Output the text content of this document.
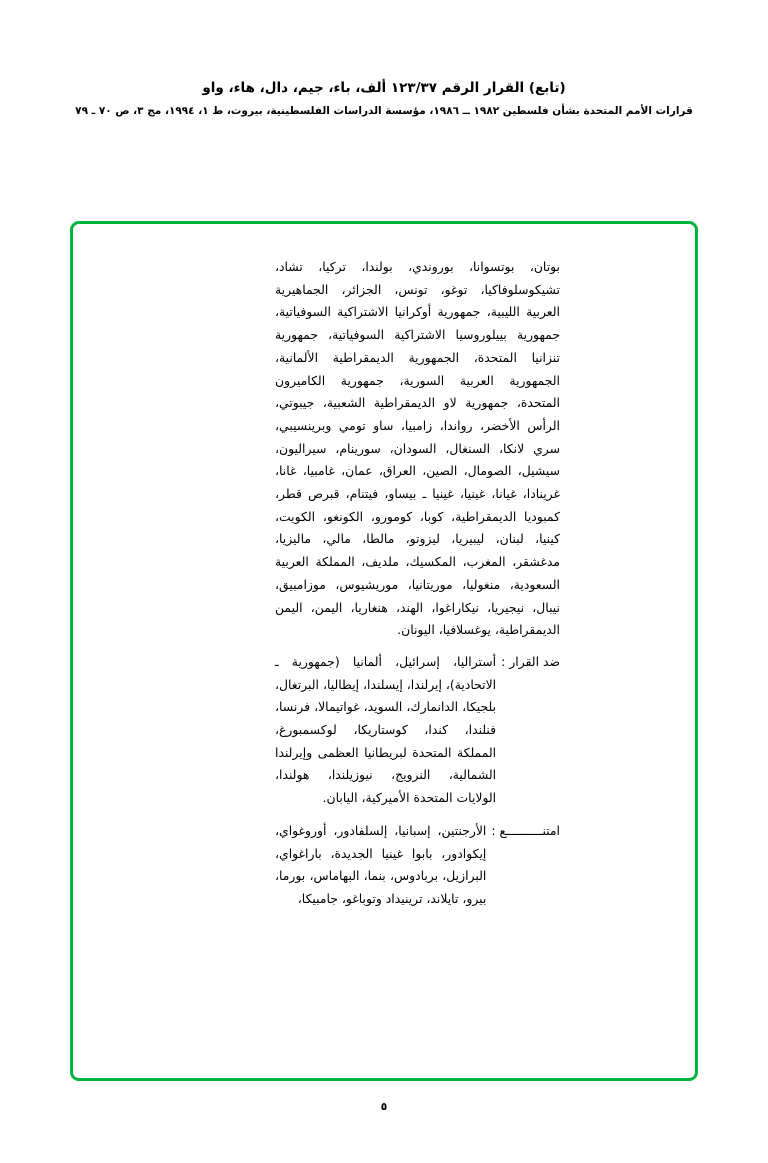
(تابع) القرار الرقم ١٢٣/٣٧ ألف، باء، جيم، دال، هاء، واو
قرارات الأمم المتحدة بشأن فلسطين ١٩٨٢ ــ ١٩٨٦، مؤسسة الدراسات الفلسطينية، بيروت، ط ١، ١٩٩٤، مج ٣، ص ٧٠ ـ ٧٩

بوتان، بوتسوانا، بوروندي، بولندا، تركيا، تشاد، تشيكوسلوفاكيا، توغو، تونس، الجزائر، الجماهيرية العربية الليبية، جمهورية أوكرانيا الاشتراكية السوفياتية، جمهورية بييلوروسيا الاشتراكية السوفياتية، جمهورية تنزانيا المتحدة، الجمهورية الديمقراطية الألمانية، الجمهورية العربية السورية، جمهورية الكاميرون المتحدة، جمهورية لاو الديمقراطية الشعبية، جيبوتي، الرأس الأخضر، رواندا، زامبيا، ساو تومي وبرينسيبي، سري لانكا، السنغال، السودان، سورينام، سيراليون، سيشيل، الصومال، الصين، العراق، عمان، غامبيا، غانا، غرينادا، غيانا، غينيا، غينيا ـ بيساو، فيتنام، قبرص قطر، كمبوديا الديمقراطية، كوبا، كومورو، الكونغو، الكويت، كينيا، لبنان، ليبيريا، ليزوتو، مالطا، مالي، ماليزيا، مدغشقر، المغرب، المكسيك، ملديف، المملكة العربية السعودية، منغوليا، موريتانيا، موريشيوس، موزامبيق، نيبال، نيجيريا، نيكاراغوا، الهند، هنغاريا، اليمن، اليمن الديمقراطية، يوغسلافيا، اليونان.

ضد القرار
:
أستراليا، إسرائيل، ألمانيا (جمهورية ـ الاتحادية)، إيرلندا، إيسلندا، إيطاليا، البرتغال، بلجيكا، الدانمارك، السويد، غواتيمالا، فرنسا، فنلندا، كندا، كوستاريكا، لوكسمبورغ، المملكة المتحدة لبريطانيا العظمى وإيرلندا الشمالية، النرويج، نيوزيلندا، هولندا، الولايات المتحدة الأميركية، اليابان.
امتنــــــــــع
:
الأرجنتين، إسبانيا، إلسلفادور، أوروغواي، إيكوادور، بابوا غينيا الجديدة، باراغواي، البرازيل، بربادوس، بنما، البهاماس، بورما، بيرو، تايلاند، ترينيداد وتوباغو، جامبيكا،
٥
